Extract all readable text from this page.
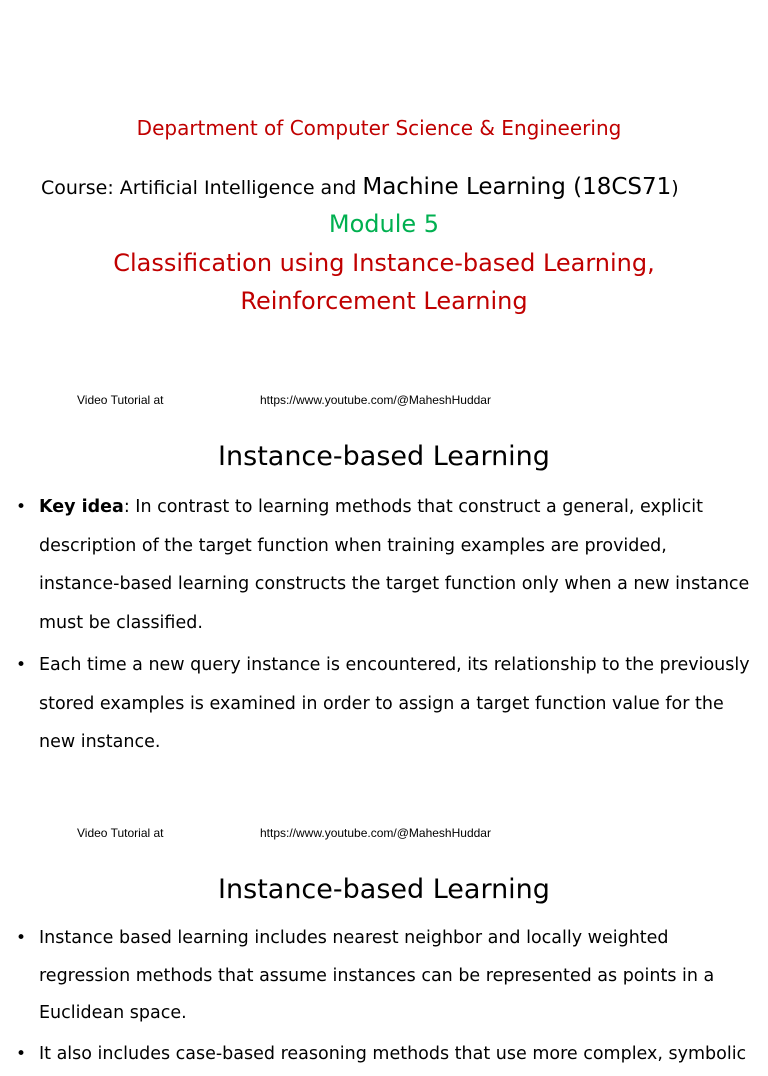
Department of Computer Science & Engineering
Course: Artificial Intelligence and Machine Learning (18CS71)
Module 5
Classification using Instance-based Learning,
Reinforcement Learning
Video Tutorial at	https://www.youtube.com/@MaheshHuddar
Instance-based Learning
• Key idea: In contrast to learning methods that construct a general, explicit description of the target function when training examples are provided, instance-based learning constructs the target function only when a new instance must be classified.
• Each time a new query instance is encountered, its relationship to the previously stored examples is examined in order to assign a target function value for the new instance.
Video Tutorial at	https://www.youtube.com/@MaheshHuddar
Instance-based Learning
• Instance based learning includes nearest neighbor and locally weighted regression methods that assume instances can be represented as points in a Euclidean space.
• It also includes case-based reasoning methods that use more complex, symbolic
